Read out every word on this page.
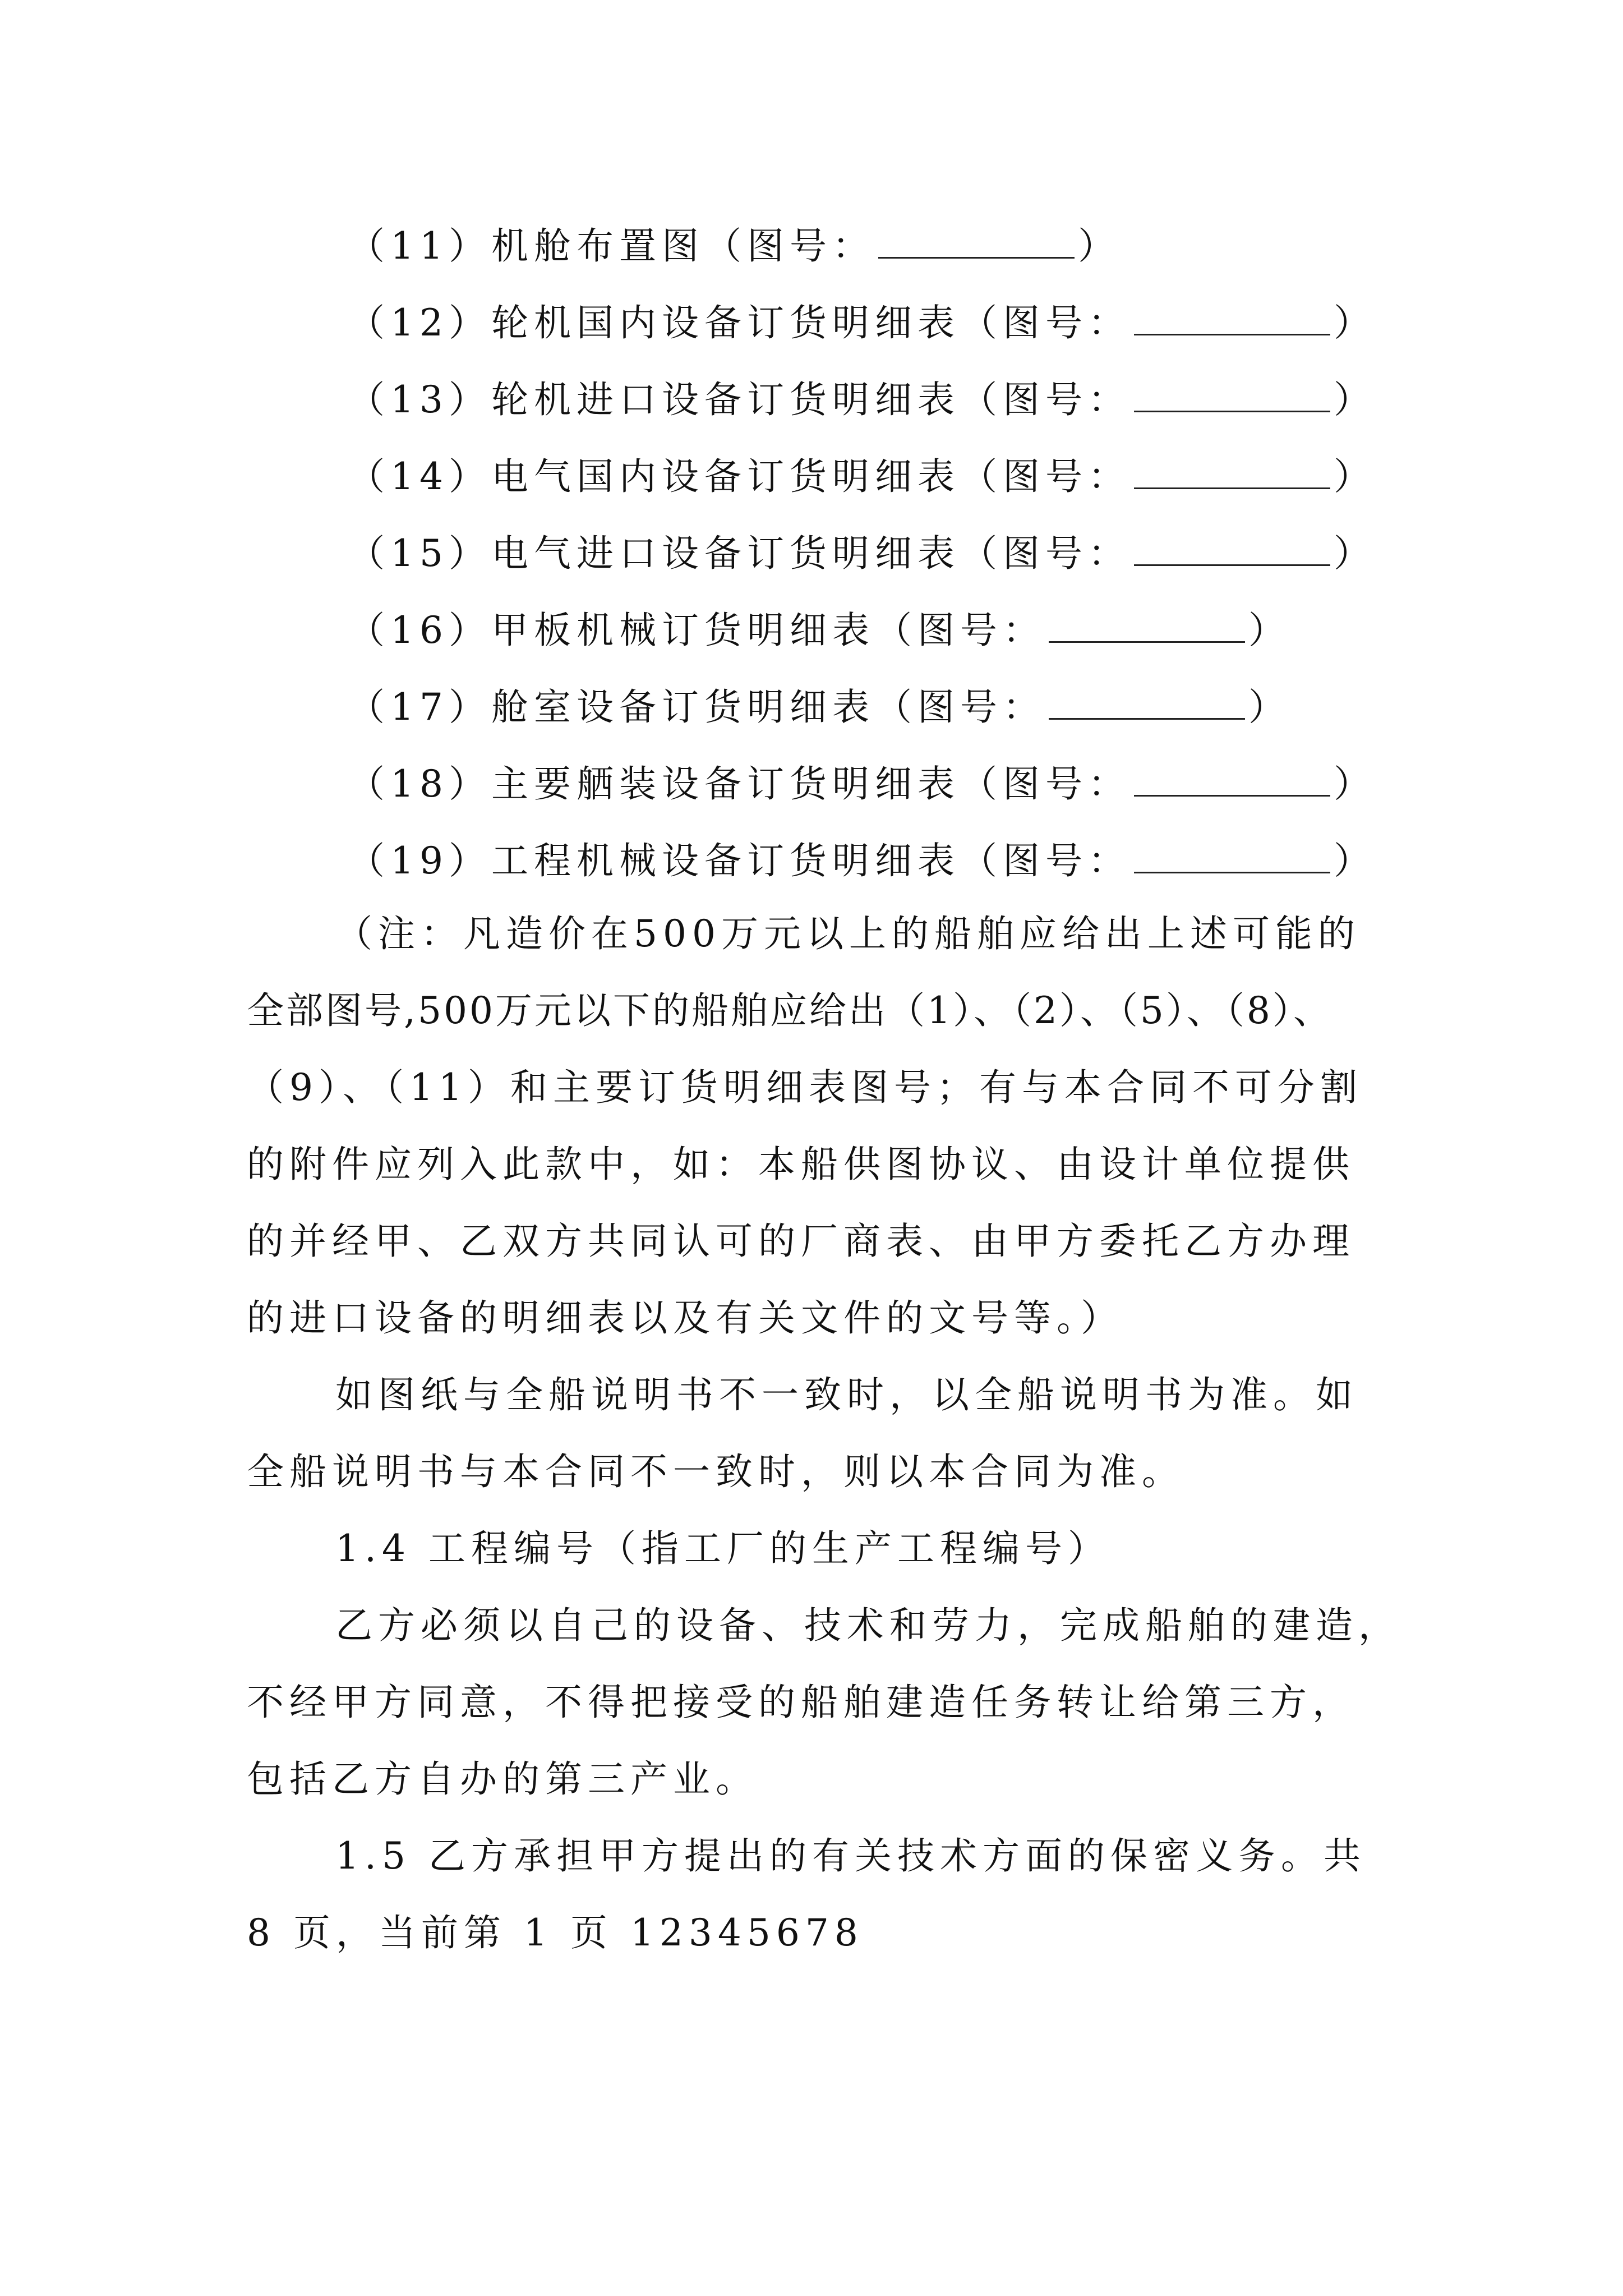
（11）机舱布置图（图号：	）
（12）轮机国内设备订货明细表（图号：	）
（13）轮机进口设备订货明细表（图号：	）
（14）电气国内设备订货明细表（图号：	）
（15）电气进口设备订货明细表（图号：	）
（16）甲板机械订货明细表（图号：	）
（17）舱室设备订货明细表（图号：	）
（18）主要舾装设备订货明细表（图号：	）
（19）工程机械设备订货明细表（图号：	）
（注：凡造价在500万元以上的船舶应给出上述可能的
全部图号,500万元以下的船舶应给出（1）、（2）、（5）、（8）、
（9）、（11）和主要订货明细表图号；有与本合同不可分割
的附件应列入此款中，如：本船供图协议、由设计单位提供
的并经甲、乙双方共同认可的厂商表、由甲方委托乙方办理
的进口设备的明细表以及有关文件的文号等。）
如图纸与全船说明书不一致时，以全船说明书为准。如
全船说明书与本合同不一致时，则以本合同为准。
1.4 工程编号（指工厂的生产工程编号）
乙方必须以自己的设备、技术和劳力，完成船舶的建造，
不经甲方同意，不得把接受的船舶建造任务转让给第三方，
包括乙方自办的第三产业。
1.5 乙方承担甲方提出的有关技术方面的保密义务。共
8 页，当前第 1 页 12345678
